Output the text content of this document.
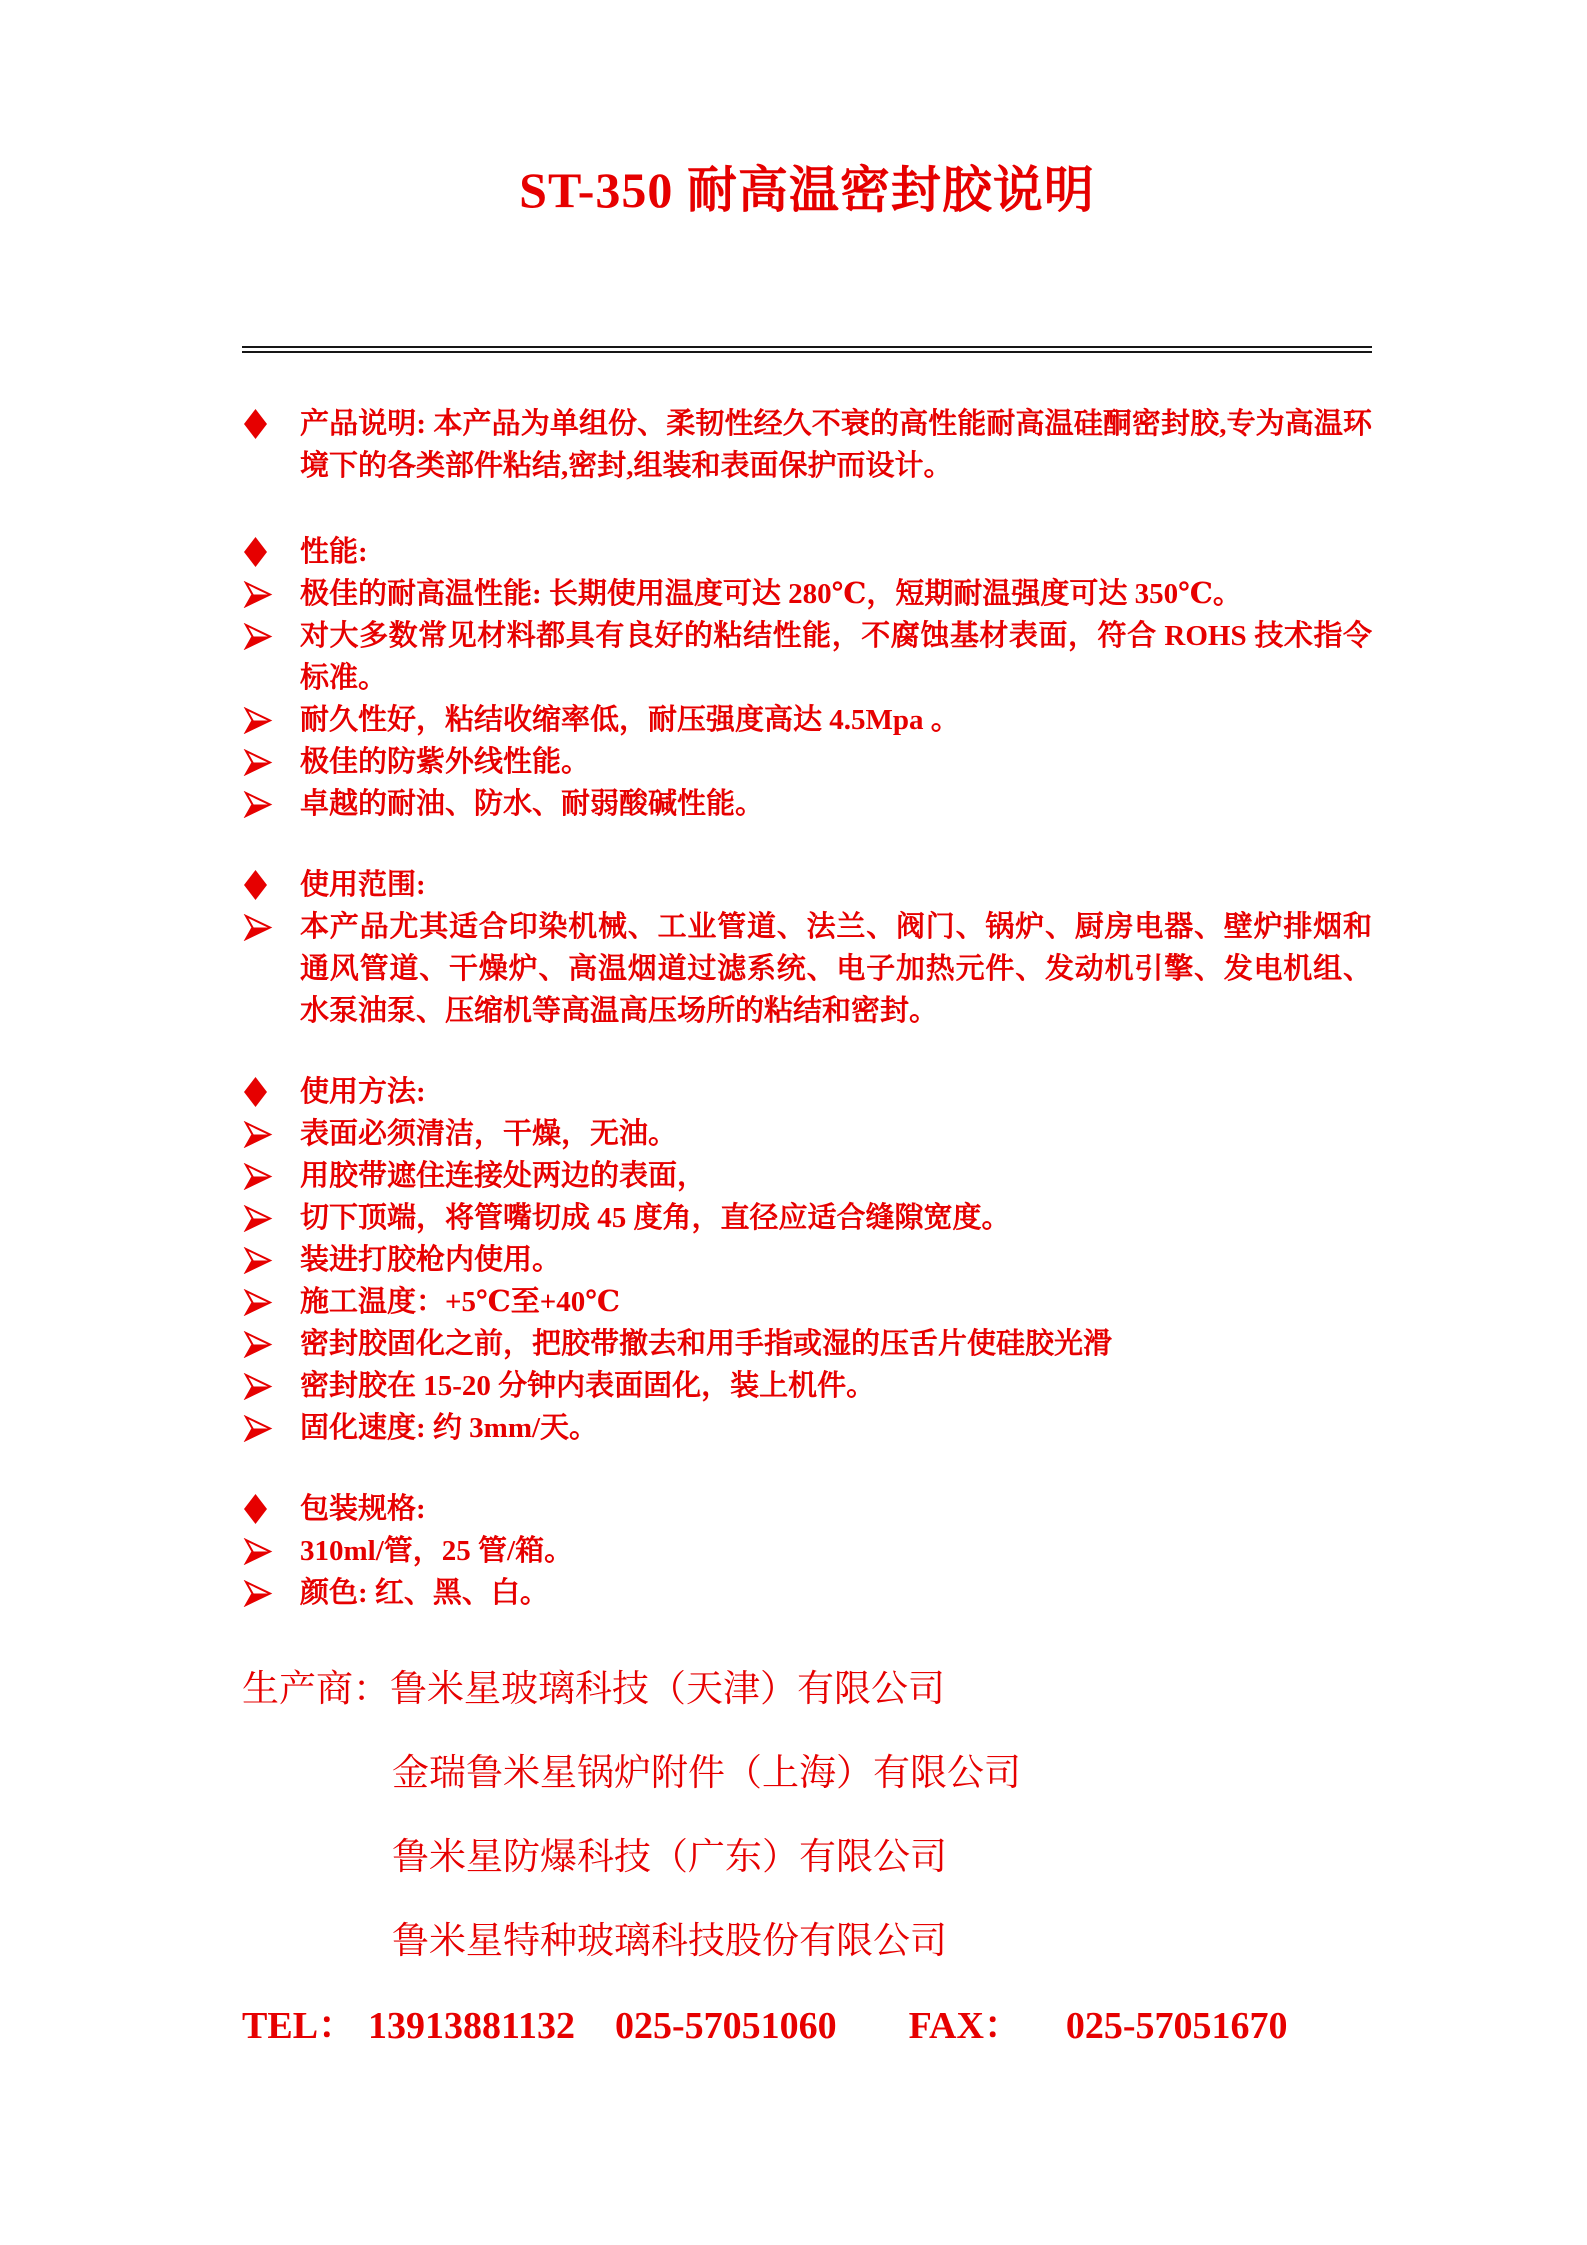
ST-350 耐高温密封胶说明
产品说明: 本产品为单组份、柔韧性经久不衰的高性能耐高温硅酮密封胶,专为高温环境下的各类部件粘结,密封,组装和表面保护而设计。
性能:
极佳的耐高温性能: 长期使用温度可达 280℃，短期耐温强度可达 350℃。
对大多数常见材料都具有良好的粘结性能，不腐蚀基材表面，符合 ROHS 技术指令标准。
耐久性好，粘结收缩率低，耐压强度高达 4.5Mpa 。
极佳的防紫外线性能。
卓越的耐油、防水、耐弱酸碱性能。
使用范围:
本产品尤其适合印染机械、工业管道、法兰、阀门、锅炉、厨房电器、壁炉排烟和通风管道、干燥炉、高温烟道过滤系统、电子加热元件、发动机引擎、发电机组、水泵油泵、压缩机等高温高压场所的粘结和密封。
使用方法:
表面必须清洁，干燥，无油。
用胶带遮住连接处两边的表面，
切下顶端，将管嘴切成 45 度角，直径应适合缝隙宽度。
装进打胶枪内使用。
施工温度：+5℃至+40℃
密封胶固化之前，把胶带撤去和用手指或湿的压舌片使硅胶光滑
密封胶在 15-20 分钟内表面固化，装上机件。
固化速度: 约 3mm/天。
包装规格:
310ml/管，25 管/箱。
颜色: 红、黑、白。
生产商：鲁米星玻璃科技（天津）有限公司
金瑞鲁米星锅炉附件（上海）有限公司
鲁米星防爆科技（广东）有限公司
鲁米星特种玻璃科技股份有限公司
TEL： 13913881132 025-57051060 FAX： 025-57051670
